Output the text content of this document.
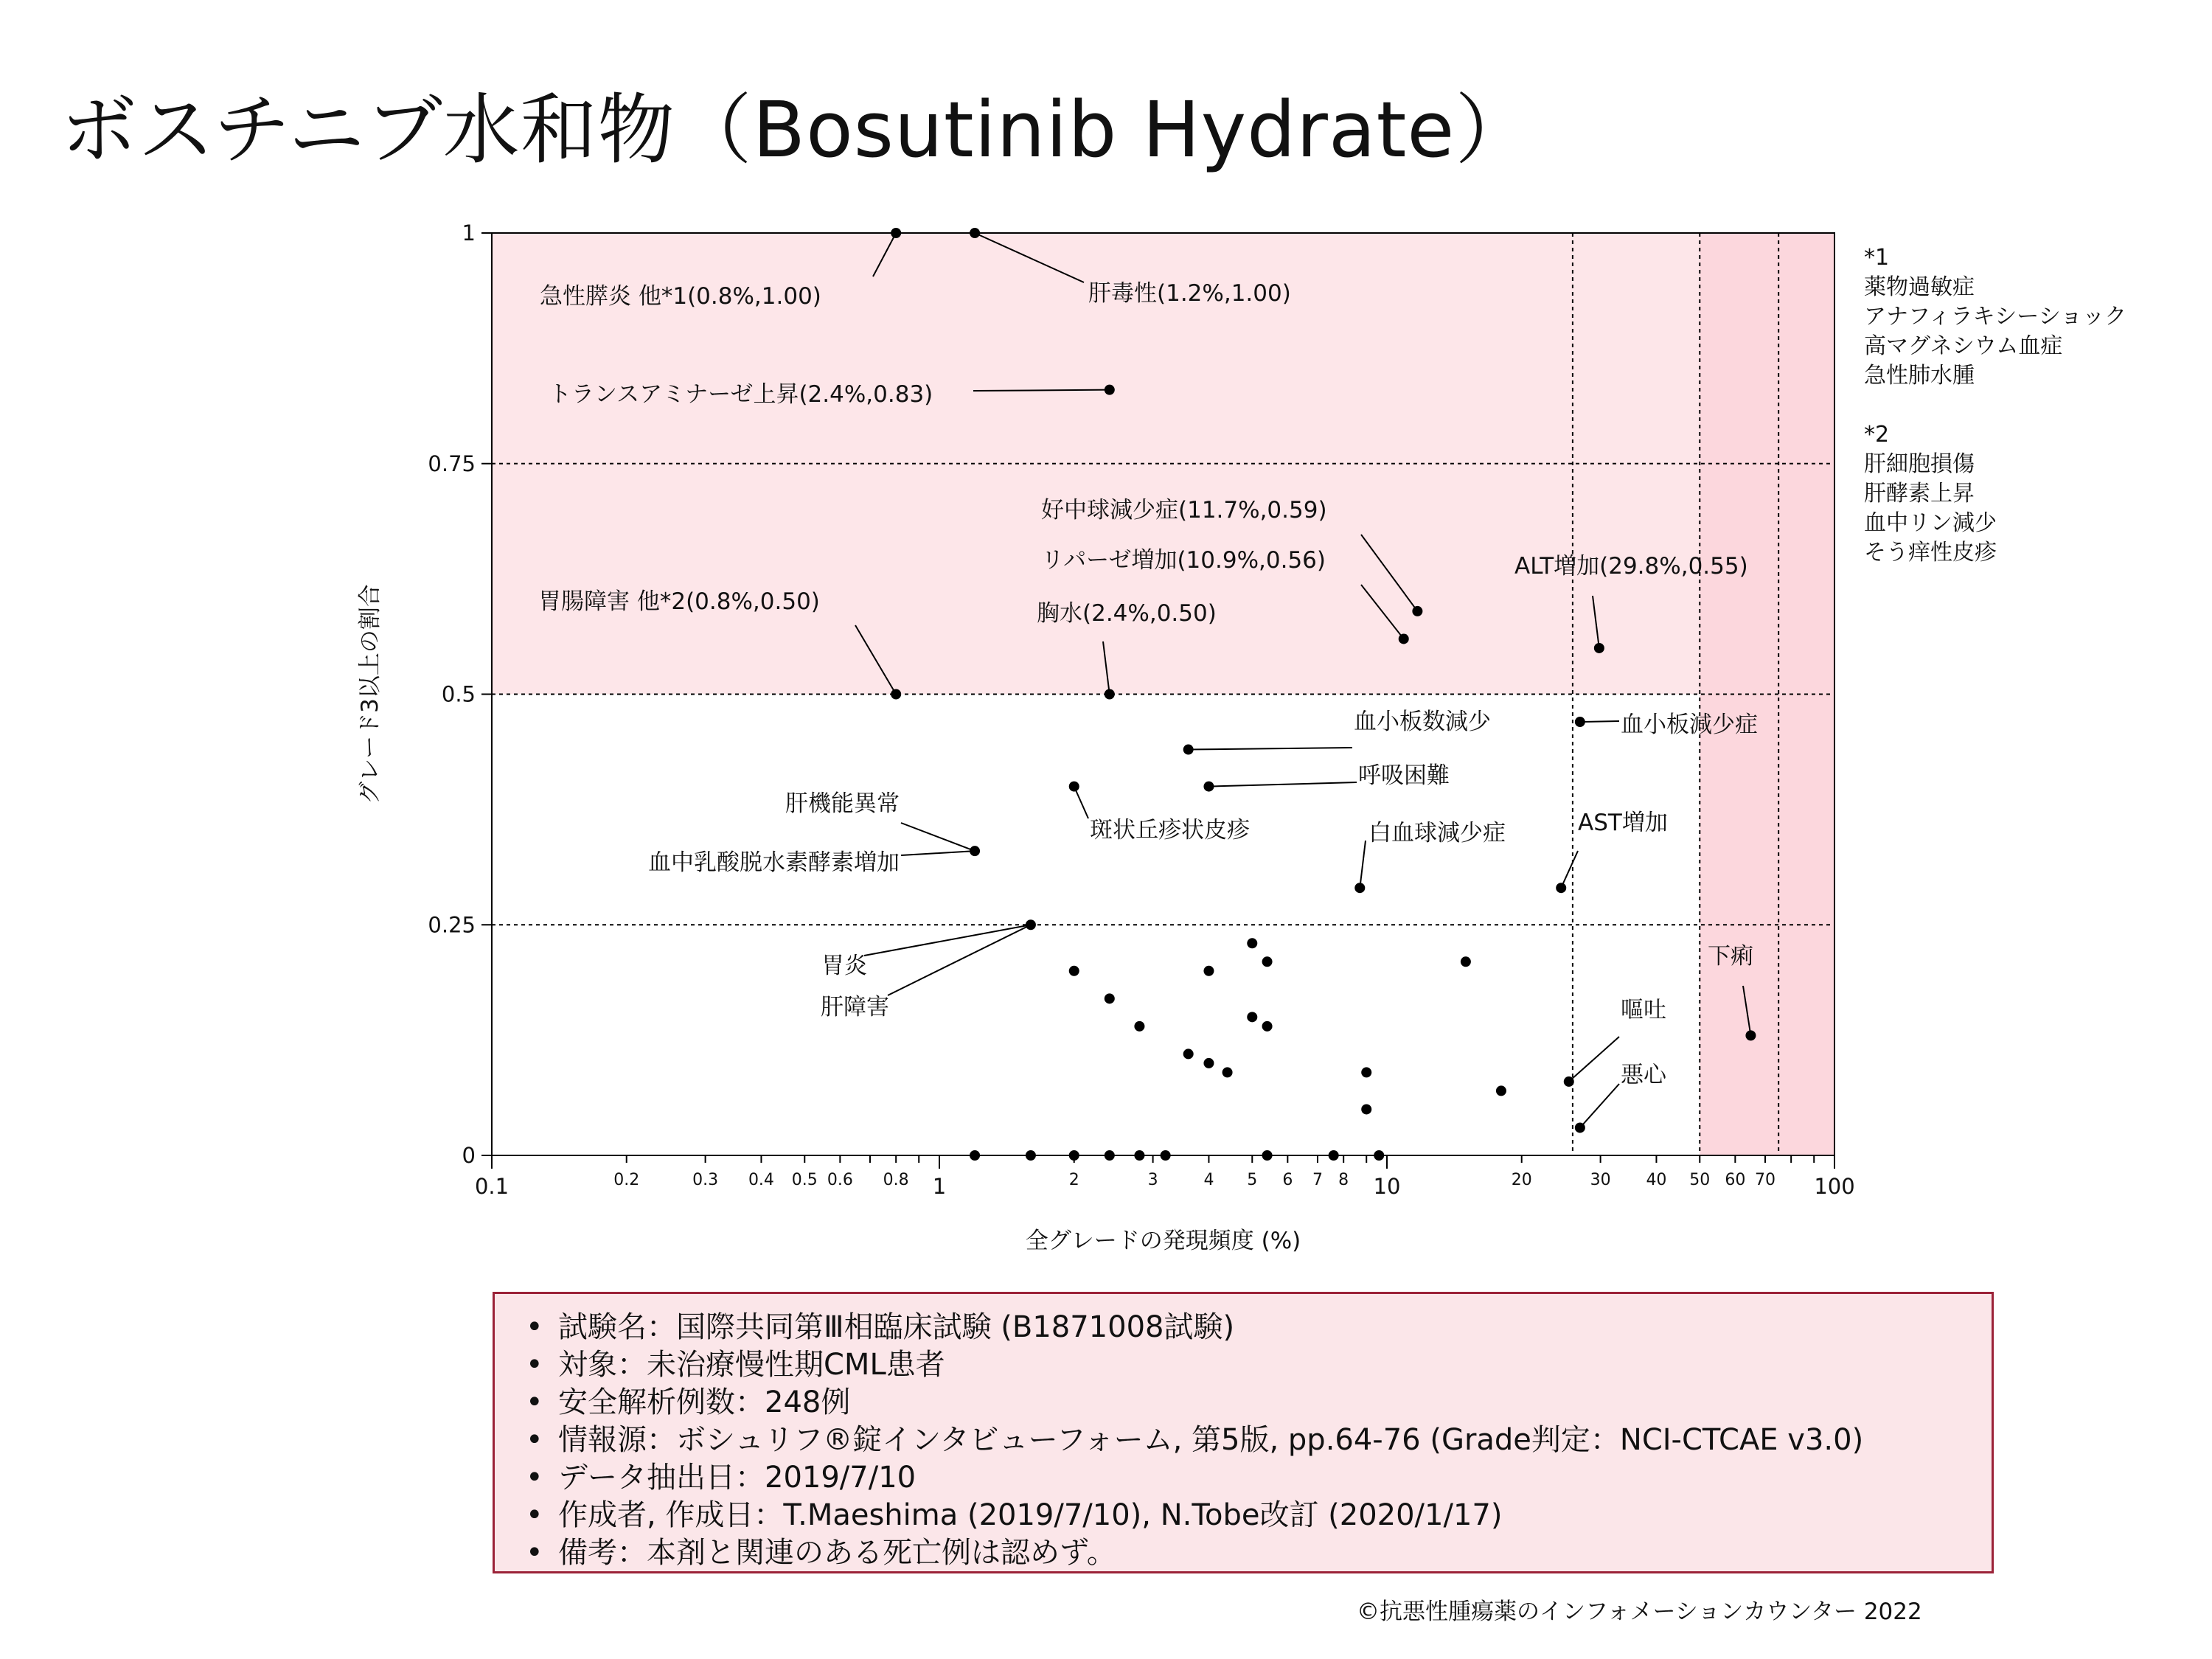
ボスチニブ水和物（Bosutinib Hydrate）
0
0.25
0.5
0.75
1
0.1	1	10	100
0.2	0.3 0.4 0.5 0.6 0.8	2	3	4 5 6 7 8	20	30 40 50 60 70
全グレードの発現頻度 (%)
グレード3以上の割合
急性膵炎 他*1(0.8%,1.00)	肝毒性(1.2%,1.00)
トランスアミナーゼ上昇(2.4%,0.83)
好中球減少症(11.7%,0.59)
リパーゼ増加(10.9%,0.56)	ALT増加(29.8%,0.55)
胃腸障害 他*2(0.8%,0.50)	胸水(2.4%,0.50)
血小板数減少	血小板減少症
呼吸困難
斑状丘疹状皮疹
肝機能異常
血中乳酸脱水素酵素増加
白血球減少症	AST増加
胃炎
肝障害
下痢
嘔吐
悪心
*1
薬物過敏症
アナフィラキシーショック
高マグネシウム血症
急性肺水腫
*2
肝細胞損傷
肝酵素上昇
血中リン減少
そう痒性皮疹
• 試験名：国際共同第Ⅲ相臨床試験 (B1871008試験)
• 対象：未治療慢性期CML患者
• 安全解析例数：248例
• 情報源：ボシュリフ®錠インタビューフォーム, 第5版, pp.64-76 (Grade判定：NCI-CTCAE v3.0)
• データ抽出日：2019/7/10
• 作成者, 作成日：T.Maeshima (2019/7/10), N.Tobe改訂 (2020/1/17)
• 備考：本剤と関連のある死亡例は認めず。
©抗悪性腫瘍薬のインフォメーションカウンター 2022
